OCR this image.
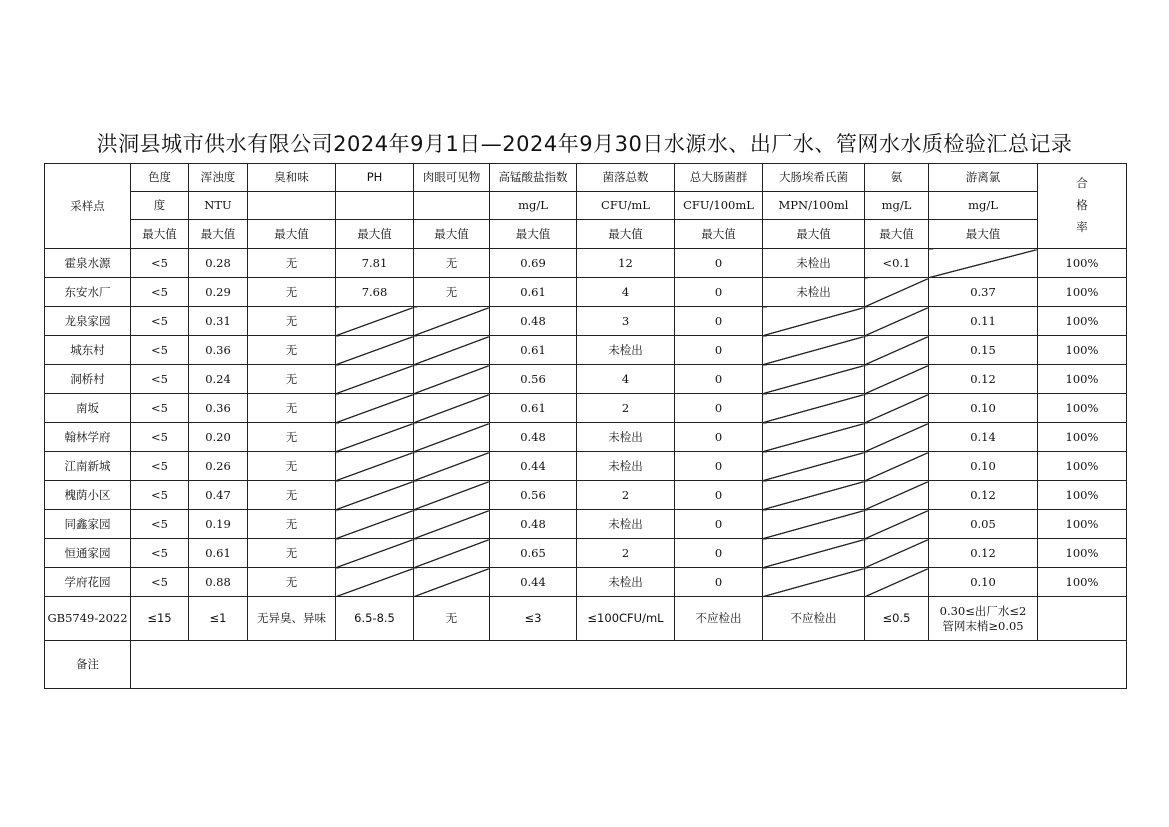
洪洞县城市供水有限公司2024年9月1日—2024年9月30日水源水、出厂水、管网水水质检验汇总记录
采样点	色度	浑浊度	臭和味	PH	肉眼可见物	高锰酸盐指数	菌落总数	总大肠菌群	大肠埃希氏菌	氨	游离氯	合
格
率

	度	NTU				mg/L	CFU/mL	CFU/100mL	MPN/100ml	mg/L	mg/L	
	最大值	最大值	最大值	最大值	最大值	最大值	最大值	最大值	最大值	最大值	最大值	
霍泉水源	<5	0.28	无	7.81	无	0.69	12	0	未检出	<0.1		100%
东安水厂	<5	0.29	无	7.68	无	0.61	4	0	未检出		0.37	100%
龙泉家园	<5	0.31	无			0.48	3	0			0.11	100%
城东村	<5	0.36	无			0.61	未检出	0			0.15	100%
洞桥村	<5	0.24	无			0.56	4	0			0.12	100%
南坂	<5	0.36	无			0.61	2	0			0.10	100%
翰林学府	<5	0.20	无			0.48	未检出	0			0.14	100%
江南新城	<5	0.26	无			0.44	未检出	0			0.10	100%
槐荫小区	<5	0.47	无			0.56	2	0			0.12	100%
同鑫家园	<5	0.19	无			0.48	未检出	0			0.05	100%
恒通家园	<5	0.61	无			0.65	2	0			0.12	100%
学府花园	<5	0.88	无			0.44	未检出	0			0.10	100%
GB5749-2022	≤15	≤1	无异臭、异味	6.5-8.5	无	≤3	≤100CFU/mL	不应检出	不应检出	≤0.5	0.30≤出厂水≤2
管网末梢≥0.05	

备注												
